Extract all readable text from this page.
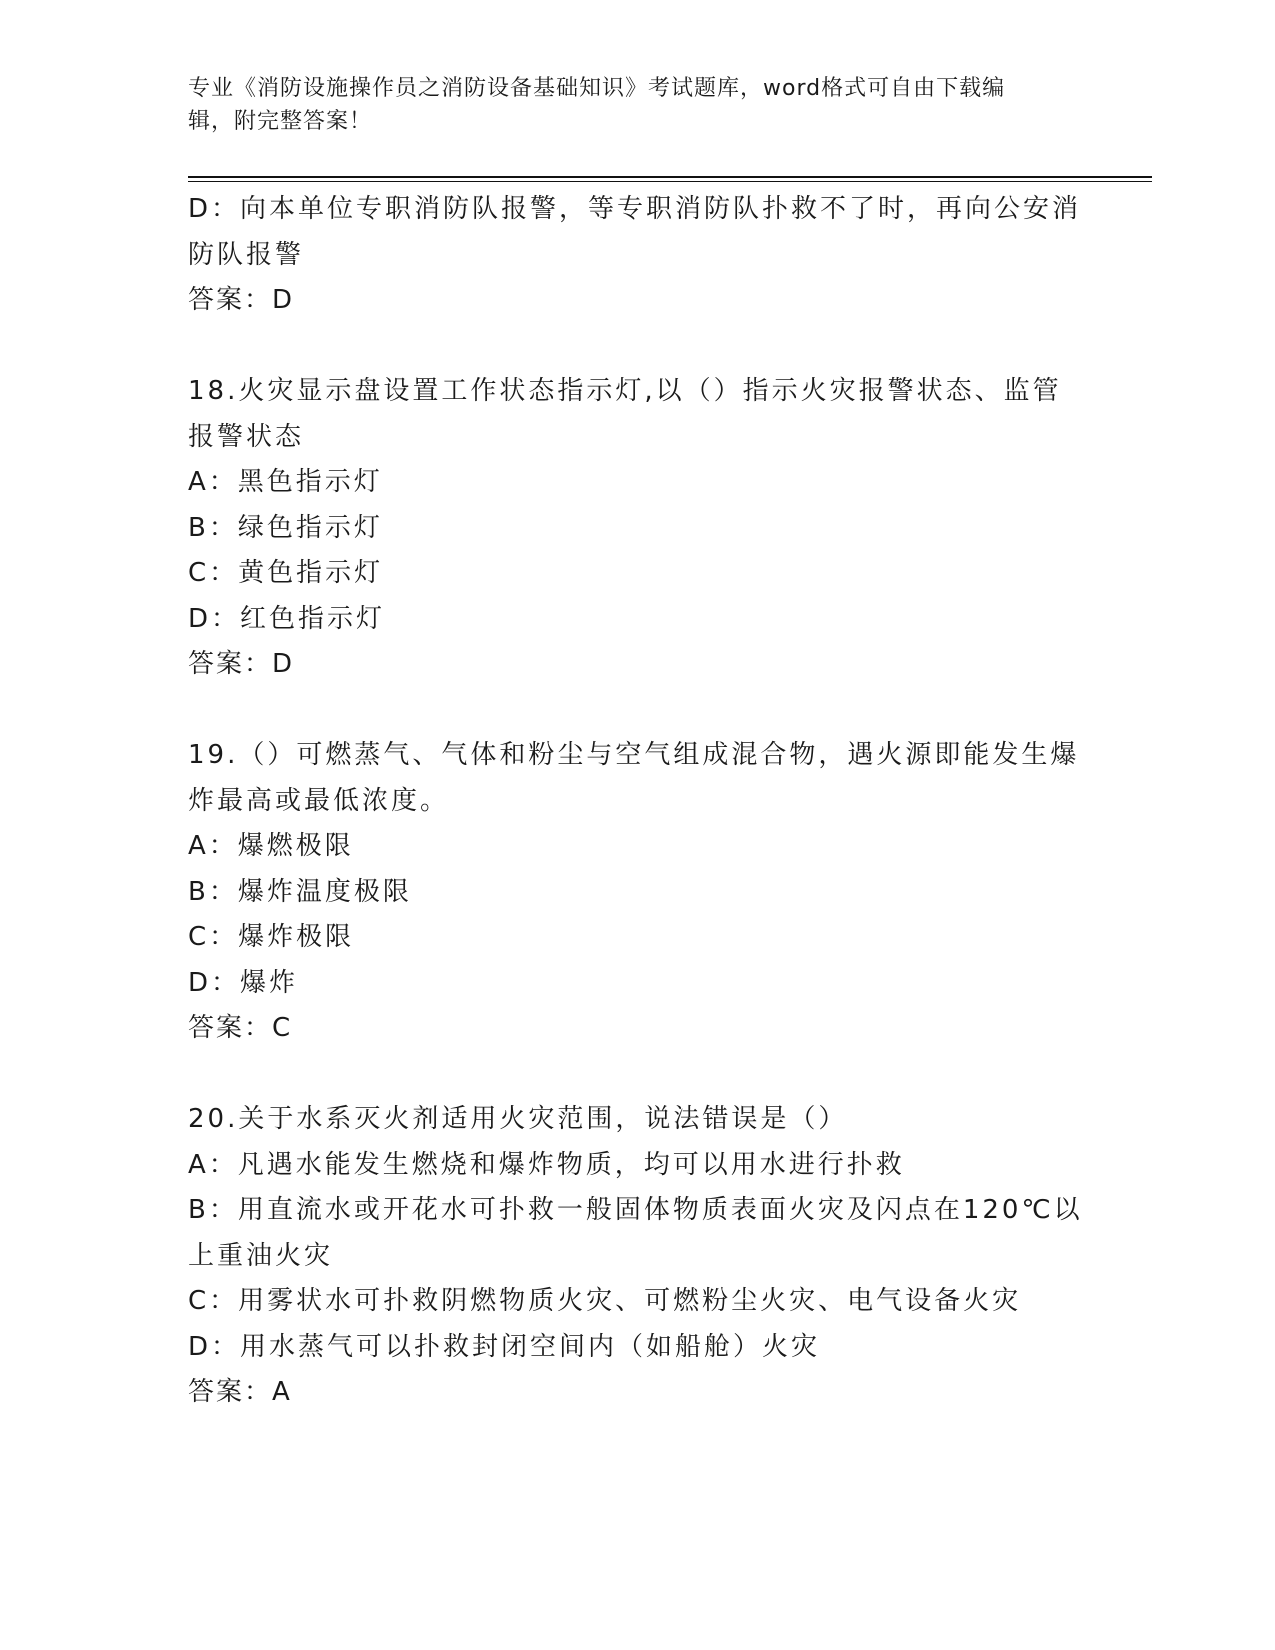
专业《消防设施操作员之消防设备基础知识》考试题库，word格式可自由下载编
辑，附完整答案！
D：向本单位专职消防队报警，等专职消防队扑救不了时，再向公安消
防队报警
答案：D
18.火灾显示盘设置工作状态指示灯,以（）指示火灾报警状态、监管
报警状态
A：黑色指示灯
B：绿色指示灯
C：黄色指示灯
D：红色指示灯
答案：D
19.（）可燃蒸气、气体和粉尘与空气组成混合物，遇火源即能发生爆
炸最高或最低浓度。
A：爆燃极限
B：爆炸温度极限
C：爆炸极限
D：爆炸
答案：C
20.关于水系灭火剂适用火灾范围，说法错误是（）
A：凡遇水能发生燃烧和爆炸物质，均可以用水进行扑救
B：用直流水或开花水可扑救一般固体物质表面火灾及闪点在120℃以
上重油火灾
C：用雾状水可扑救阴燃物质火灾、可燃粉尘火灾、电气设备火灾
D：用水蒸气可以扑救封闭空间内（如船舱）火灾
答案：A
